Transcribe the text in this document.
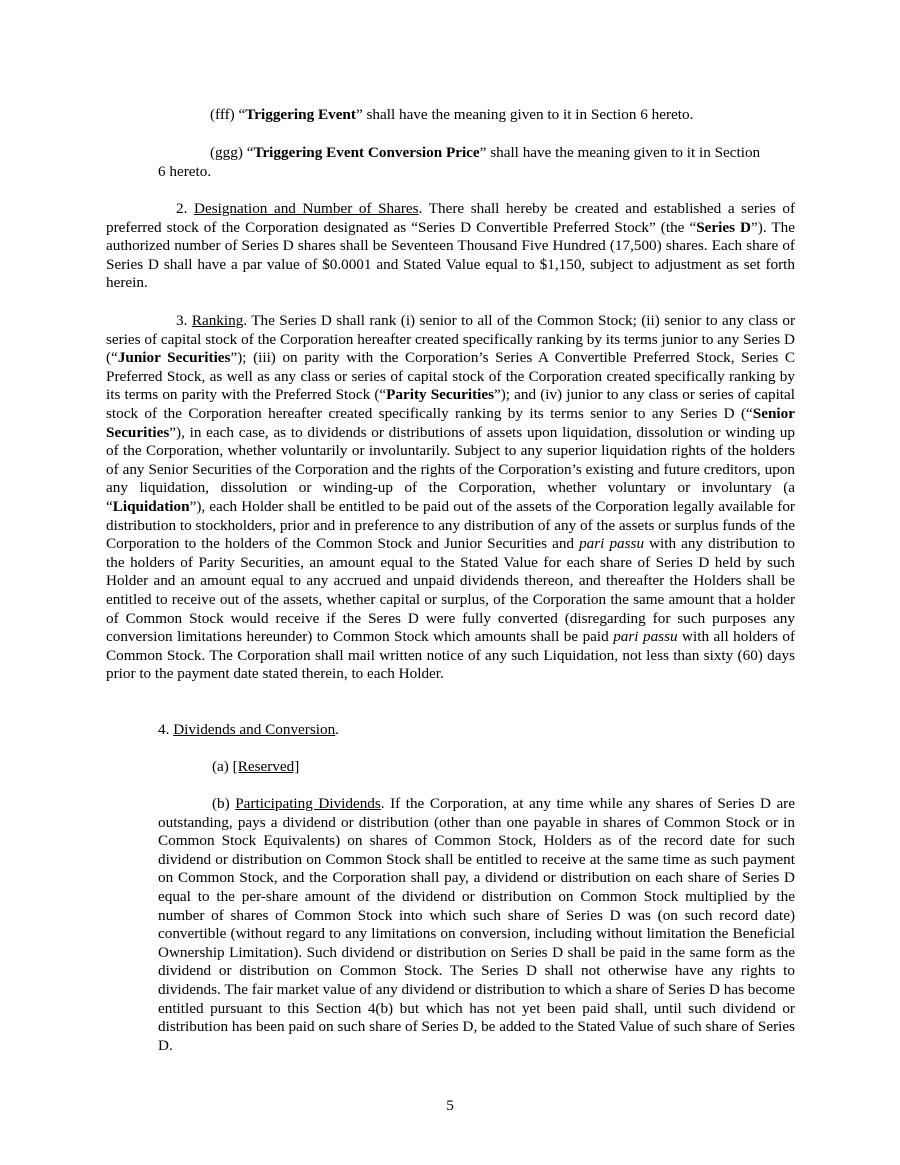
(fff) “Triggering Event” shall have the meaning given to it in Section 6 hereto.

(ggg) “Triggering Event Conversion Price” shall have the meaning given to it in Section
6 hereto.

2. Designation and Number of Shares. There shall hereby be created and established a series of preferred stock of the Corporation designated as “Series D Convertible Preferred Stock” (the “Series D”). The authorized number of Series D shares shall be Seventeen Thousand Five Hundred (17,500) shares. Each share of Series D shall have a par value of $0.0001 and Stated Value equal to $1,150, subject to adjustment as set forth herein.

3. Ranking. The Series D shall rank (i) senior to all of the Common Stock; (ii) senior to any class or series of capital stock of the Corporation hereafter created specifically ranking by its terms junior to any Series D (“Junior Securities”); (iii) on parity with the Corporation’s Series A Convertible Preferred Stock, Series C Preferred Stock, as well as any class or series of capital stock of the Corporation created specifically ranking by its terms on parity with the Preferred Stock (“Parity Securities”); and (iv) junior to any class or series of capital stock of the Corporation hereafter created specifically ranking by its terms senior to any Series D (“Senior Securities”), in each case, as to dividends or distributions of assets upon liquidation, dissolution or winding up of the Corporation, whether voluntarily or involuntarily. Subject to any superior liquidation rights of the holders of any Senior Securities of the Corporation and the rights of the Corporation’s existing and future creditors, upon any liquidation, dissolution or winding-up of the Corporation, whether voluntary or involuntary (a “Liquidation”), each Holder shall be entitled to be paid out of the assets of the Corporation legally available for distribution to stockholders, prior and in preference to any distribution of any of the assets or surplus funds of the Corporation to the holders of the Common Stock and Junior Securities and pari passu with any distribution to the holders of Parity Securities, an amount equal to the Stated Value for each share of Series D held by such Holder and an amount equal to any accrued and unpaid dividends thereon, and thereafter the Holders shall be entitled to receive out of the assets, whether capital or surplus, of the Corporation the same amount that a holder of Common Stock would receive if the Seres D were fully converted (disregarding for such purposes any conversion limitations hereunder) to Common Stock which amounts shall be paid pari passu with all holders of Common Stock. The Corporation shall mail written notice of any such Liquidation, not less than sixty (60) days prior to the payment date stated therein, to each Holder.

4. Dividends and Conversion.

(a) [Reserved]

(b) Participating Dividends. If the Corporation, at any time while any shares of Series D are outstanding, pays a dividend or distribution (other than one payable in shares of Common Stock or in Common Stock Equivalents) on shares of Common Stock, Holders as of the record date for such dividend or distribution on Common Stock shall be entitled to receive at the same time as such payment on Common Stock, and the Corporation shall pay, a dividend or distribution on each share of Series D equal to the per-share amount of the dividend or distribution on Common Stock multiplied by the number of shares of Common Stock into which such share of Series D was (on such record date) convertible (without regard to any limitations on conversion, including without limitation the Beneficial Ownership Limitation). Such dividend or distribution on Series D shall be paid in the same form as the dividend or distribution on Common Stock. The Series D shall not otherwise have any rights to dividends. The fair market value of any dividend or distribution to which a share of Series D has become entitled pursuant to this Section 4(b) but which has not yet been paid shall, until such dividend or distribution has been paid on such share of Series D, be added to the Stated Value of such share of Series D.

5
